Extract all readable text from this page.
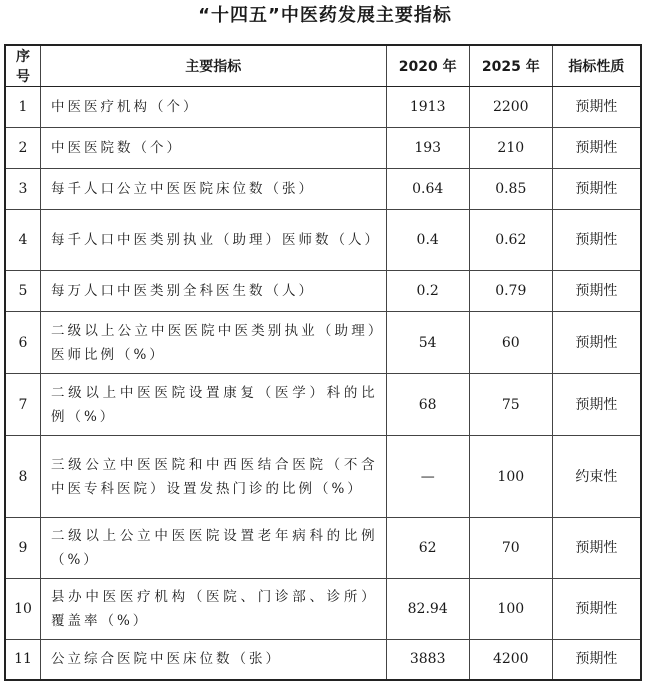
“十四五”中医药发展主要指标
序号	主要指标	2020 年	2025 年	指标性质
1	中医医疗机构（个）	1913	2200	预期性
2	中医医院数（个）	193	210	预期性
3	每千人口公立中医医院床位数（张）	0.64	0.85	预期性
4	每千人口中医类别执业（助理）医师数（人）	0.4	0.62	预期性
5	每万人口中医类别全科医生数（人）	0.2	0.79	预期性
6	二级以上公立中医医院中医类别执业（助理）医师比例（%）	54	60	预期性
7	二级以上中医医院设置康复（医学）科的比例（%）	68	75	预期性
8	三级公立中医医院和中西医结合医院（不含中医专科医院）设置发热门诊的比例（%）	—	100	约束性
9	二级以上公立中医医院设置老年病科的比例（%）	62	70	预期性
10	县办中医医疗机构（医院、门诊部、诊所）覆盖率（%）	82.94	100	预期性
11	公立综合医院中医床位数（张）	3883	4200	预期性
